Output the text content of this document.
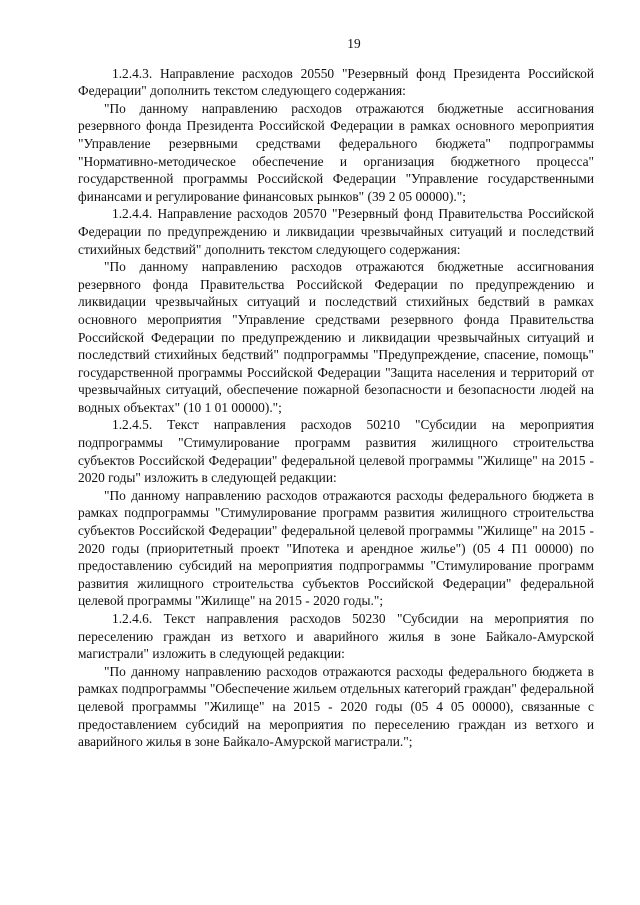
19

1.2.4.3. Направление расходов 20550 "Резервный фонд Президента Российской Федерации" дополнить текстом следующего содержания:

"По данному направлению расходов отражаются бюджетные ассигнования резервного фонда Президента Российской Федерации в рамках основного мероприятия "Управление резервными средствами федерального бюджета" подпрограммы "Нормативно-методическое обеспечение и организация бюджетного процесса" государственной программы Российской Федерации "Управление государственными финансами и регулирование финансовых рынков" (39 2 05 00000).";

1.2.4.4. Направление расходов 20570 "Резервный фонд Правительства Российской Федерации по предупреждению и ликвидации чрезвычайных ситуаций и последствий стихийных бедствий" дополнить текстом следующего содержания:

"По данному направлению расходов отражаются бюджетные ассигнования резервного фонда Правительства Российской Федерации по предупреждению и ликвидации чрезвычайных ситуаций и последствий стихийных бедствий в рамках основного мероприятия "Управление средствами резервного фонда Правительства Российской Федерации по предупреждению и ликвидации чрезвычайных ситуаций и последствий стихийных бедствий" подпрограммы "Предупреждение, спасение, помощь" государственной программы Российской Федерации "Защита населения и территорий от чрезвычайных ситуаций, обеспечение пожарной безопасности и безопасности людей на водных объектах" (10 1 01 00000).";

1.2.4.5. Текст направления расходов 50210 "Субсидии на мероприятия подпрограммы "Стимулирование программ развития жилищного строительства субъектов Российской Федерации" федеральной целевой программы "Жилище" на 2015 - 2020 годы" изложить в следующей редакции:

"По данному направлению расходов отражаются расходы федерального бюджета в рамках подпрограммы "Стимулирование программ развития жилищного строительства субъектов Российской Федерации" федеральной целевой программы "Жилище" на 2015 - 2020 годы (приоритетный проект "Ипотека и арендное жилье") (05 4 П1 00000) по предоставлению субсидий на мероприятия подпрограммы "Стимулирование программ развития жилищного строительства субъектов Российской Федерации" федеральной целевой программы "Жилище" на 2015 - 2020 годы.";

1.2.4.6. Текст направления расходов 50230 "Субсидии на мероприятия по переселению граждан из ветхого и аварийного жилья в зоне Байкало-Амурской магистрали" изложить в следующей редакции:

"По данному направлению расходов отражаются расходы федерального бюджета в рамках подпрограммы "Обеспечение жильем отдельных категорий граждан" федеральной целевой программы "Жилище" на 2015 - 2020 годы (05 4 05 00000), связанные с предоставлением субсидий на мероприятия по переселению граждан из ветхого и аварийного жилья в зоне Байкало-Амурской магистрали.";
